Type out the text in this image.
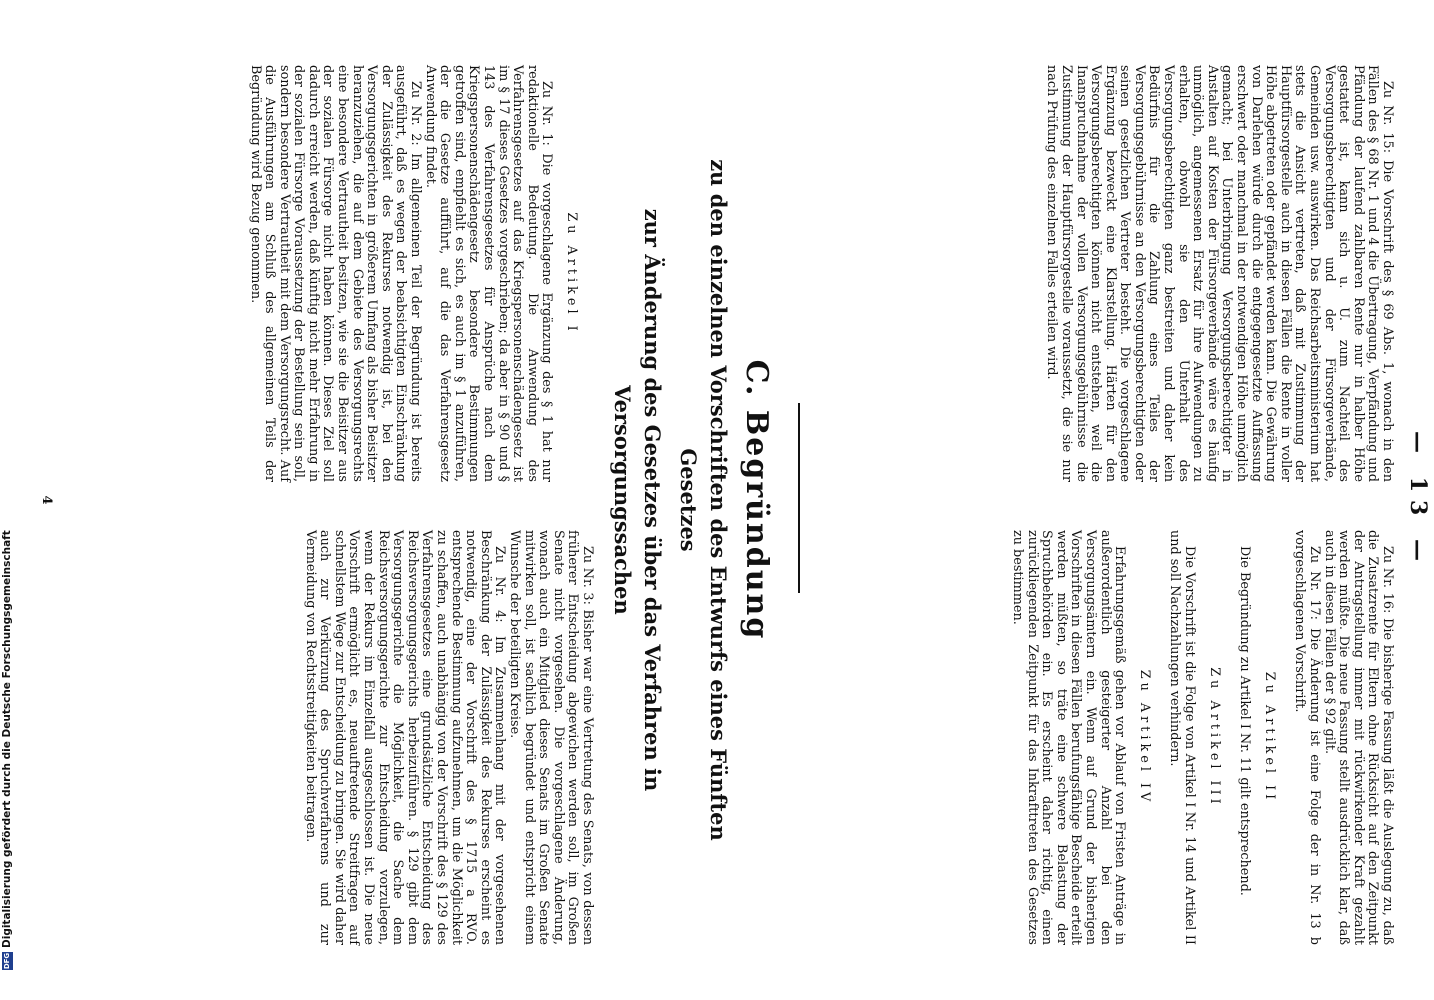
— 13 —

Zu Nr. 15: Die Vorschrift des § 69 Abs. 1, wonach in den Fällen des § 68 Nr. 1 und 4 die Übertragung, Verpfändung und Pfändung der laufend zahlbaren Rente nur in halber Höhe gestattet ist, kann sich u. U. zum Nachteil des Versorgungsberechtigten und der Fürsorgeverbände, Gemeinden usw. auswirken. Das Reichsarbeitsministerium hat stets die Ansicht vertreten, daß mit Zustimmung der Hauptfürsorgestelle auch in diesen Fällen die Rente in voller Höhe abgetreten oder gepfändet werden kann. Die Gewährung von Darlehen würde durch die entgegengesetzte Auffassung erschwert oder manchmal in der notwendigen Höhe unmöglich gemacht; bei Unterbringung Versorgungsberechtigter in Anstalten auf Kosten der Fürsorgeverbände wäre es häufig unmöglich, angemessenen Ersatz für ihre Aufwendungen zu erhalten, obwohl sie den Unterhalt des Versorgungsberechtigten ganz bestreiten und daher kein Bedürfnis für die Zahlung eines Teiles der Versorgungsgebührnisse an den Versorgungsberechtigten oder seinen gesetzlichen Vertreter besteht. Die vorgeschlagene Ergänzung bezweckt eine Klarstellung. Härten für den Versorgungsberechtigten können nicht entstehen, weil die Inanspruchnahme der vollen Versorgungsgebührnisse die Zustimmung der Hauptfürsorgestelle voraussetzt, die sie nur nach Prüfung des einzelnen Falles erteilen wird.

Zu Nr. 16: Die bisherige Fassung läßt die Auslegung zu, daß die Zusatzrente für Eltern ohne Rücksicht auf den Zeitpunkt der Antragstellung immer mit rückwirkender Kraft gezahlt werden müßte. Die neue Fassung stellt ausdrücklich klar, daß auch in diesen Fällen der § 92 gilt.

Zu Nr. 17: Die Änderung ist eine Folge der in Nr. 13 b vorgeschlagenen Vorschrift.

Zu Artikel II

Die Begründung zu Artikel I Nr. 11 gilt entsprechend.

Zu Artikel III

Die Vorschrift ist die Folge von Artikel I Nr. 14 und Artikel II und soll Nachzahlungen verhindern.

Zu Artikel IV

Erfahrungsgemäß gehen vor Ablauf von Fristen Anträge in außerordentlich gesteigerter Anzahl bei den Versorgungsämtern ein. Wenn auf Grund der bisherigen Vorschriften in diesen Fällen berufungsfähige Bescheide erteilt werden müßten, so träte eine schwere Belastung der Spruchbehörden ein. Es erscheint daher richtig, einen zurückliegenden Zeitpunkt für das Inkrafttreten des Gesetzes zu bestimmen.

C. Begründung
zu den einzelnen Vorschriften des Entwurfs eines Fünften Gesetzes
zur Änderung des Gesetzes über das Verfahren in Versorgungssachen

Zu Artikel I

Zu Nr. 1: Die vorgeschlagene Ergänzung des § 1 hat nur redaktionelle Bedeutung. Die Anwendung des Verfahrensgesetzes auf das Kriegspersonenschädengesetz ist im § 17 dieses Gesetzes vorgeschrieben; da aber in § 90 und § 143 des Verfahrensgesetzes für Ansprüche nach dem Kriegspersonenschädengesetz besondere Bestimmungen getroffen sind, empfiehlt es sich, es auch im § 1 anzuführen, der die Gesetze aufführt, auf die das Verfahrensgesetz Anwendung findet.

Zu Nr. 2: Im allgemeinen Teil der Begründung ist bereits ausgeführt, daß es wegen der beabsichtigten Einschränkung der Zulässigkeit des Rekurses notwendig ist, bei den Versorgungsgerichten in größerem Umfang als bisher Beisitzer heranzuziehen, die auf dem Gebiete des Versorgungsrechts eine besondere Vertrautheit besitzen, wie sie die Beisitzer aus der sozialen Fürsorge nicht haben können. Dieses Ziel soll dadurch erreicht werden, daß künftig nicht mehr Erfahrung in der sozialen Fürsorge Voraussetzung der Bestellung sein soll, sondern besondere Vertrautheit mit dem Versorgungsrecht. Auf die Ausführungen am Schluß des allgemeinen Teils der Begründung wird Bezug genommen.

Zu Nr. 3: Bisher war eine Vertretung des Senats, von dessen früherer Entscheidung abgewichen werden soll, im Großen Senate nicht vorgesehen. Die vorgeschlagene Änderung, wonach auch ein Mitglied dieses Senats im Großen Senate mitwirken soll, ist sachlich begründet und entspricht einem Wunsche der beteiligten Kreise.

Zu Nr. 4: Im Zusammenhang mit der vorgesehenen Beschränkung der Zulässigkeit des Rekurses erscheint es notwendig, eine der Vorschrift des § 1715 a RVO. entsprechende Bestimmung aufzunehmen, um die Möglichkeit zu schaffen, auch unabhängig von der Vorschrift des § 129 des Verfahrensgesetzes eine grundsätzliche Entscheidung des Reichsversorgungsgerichts herbeizuführen. § 129 gibt dem Versorgungsgerichte die Möglichkeit, die Sache dem Reichsversorgungsgerichte zur Entscheidung vorzulegen, wenn der Rekurs im Einzelfall ausgeschlossen ist. Die neue Vorschrift ermöglicht es, neuauftretende Streitfragen auf schnellstem Wege zur Entscheidung zu bringen. Sie wird daher auch zur Verkürzung des Spruchverfahrens und zur Vermeidung von Rechtsstreitigkeiten beitragen.

4
DFGDigitalisierung gefördert durch die Deutsche Forschungsgemeinschaft
